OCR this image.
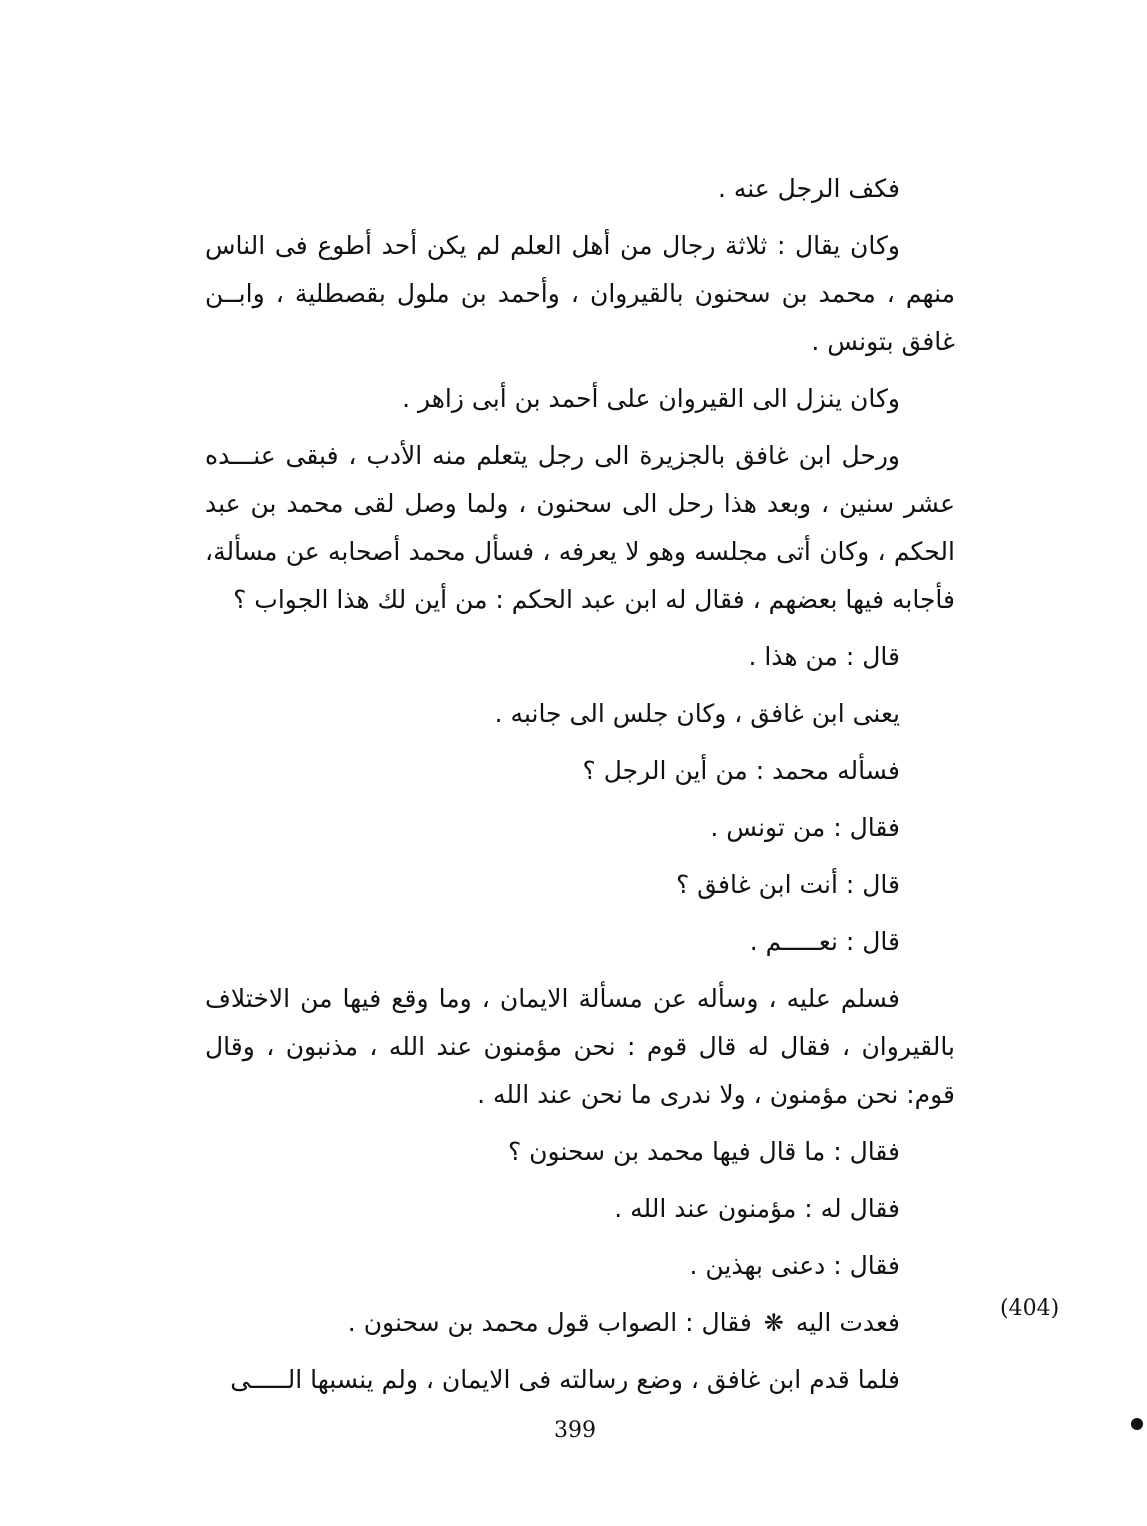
فكف الرجل عنه .

وكان يقال : ثلاثة رجال من أهل العلم لم يكن أحد أطوع فى الناس منهم ، محمد بن سحنون بالقيروان ، وأحمد بن ملول بقصطلية ، وابــن غافق بتونس .

وكان ينزل الى القيروان على أحمد بن أبى زاهر .

ورحل ابن غافق بالجزيرة الى رجل يتعلم منه الأدب ، فبقى عنـــده عشر سنين ، وبعد هذا رحل الى سحنون ، ولما وصل لقى محمد بن عبد الحكم ، وكان أتى مجلسه وهو لا يعرفه ، فسأل محمد أصحابه عن مسألة، فأجابه فيها بعضهم ، فقال له ابن عبد الحكم : من أين لك هذا الجواب ؟

قال : من هذا .

يعنى ابن غافق ، وكان جلس الى جانبه .

فسأله محمد : من أين الرجل ؟

فقال : من تونس .

قال : أنت ابن غافق ؟

قال : نعـــــم .

فسلم عليه ، وسأله عن مسألة الايمان ، وما وقع فيها من الاختلاف بالقيروان ، فقال له قال قوم : نحن مؤمنون عند الله ، مذنبون ، وقال قوم: نحن مؤمنون ، ولا ندرى ما نحن عند الله .

فقال : ما قال فيها محمد بن سحنون ؟

فقال له : مؤمنون عند الله .

فقال : دعنى بهذين .

فعدت اليه ❋ فقال : الصواب قول محمد بن سحنون .

فلما قدم ابن غافق ، وضع رسالته فى الايمان ، ولم ينسبها الـــــى

(404)
399
